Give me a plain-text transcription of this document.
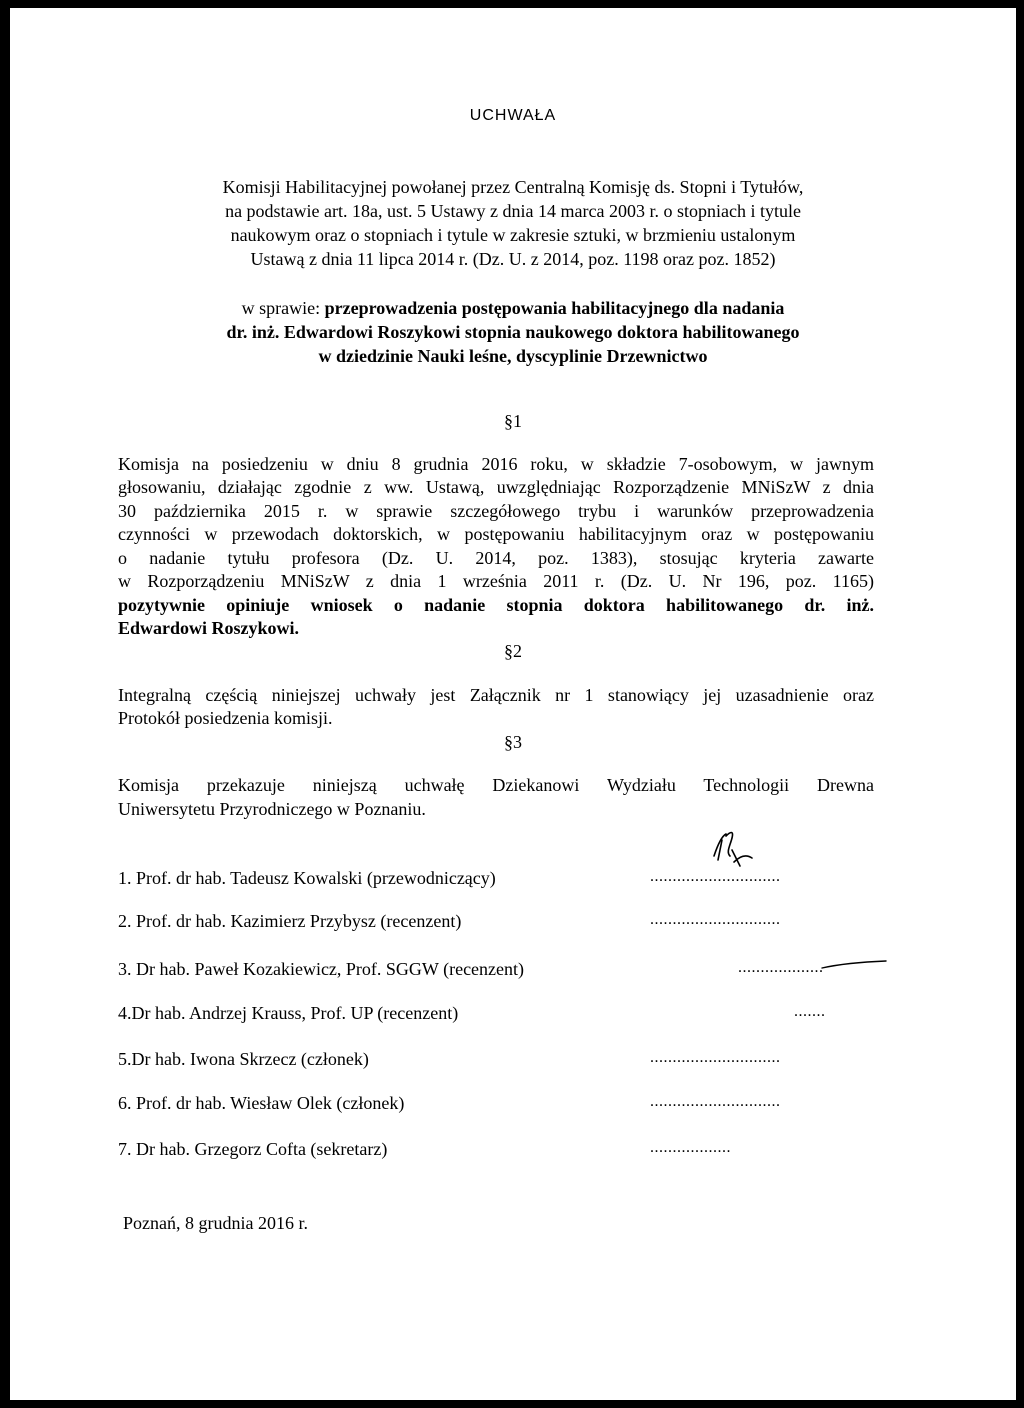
UCHWAŁA
Komisji Habilitacyjnej powołanej przez Centralną Komisję ds. Stopni i Tytułów,
na podstawie art. 18a, ust. 5 Ustawy z dnia 14 marca 2003 r. o stopniach i tytule
naukowym oraz o stopniach i tytule w zakresie sztuki, w brzmieniu ustalonym
Ustawą z dnia 11 lipca 2014 r. (Dz. U. z 2014, poz. 1198 oraz poz. 1852)
w sprawie: przeprowadzenia postępowania habilitacyjnego dla nadania
dr. inż. Edwardowi Roszykowi stopnia naukowego doktora habilitowanego
w dziedzinie Nauki leśne, dyscyplinie Drzewnictwo
§1
Komisja na posiedzeniu w dniu 8 grudnia 2016 roku, w składzie 7-osobowym, w jawnym
głosowaniu, działając zgodnie z ww. Ustawą, uwzględniając Rozporządzenie MNiSzW z dnia
30 października 2015 r. w sprawie szczegółowego trybu i warunków przeprowadzenia
czynności w przewodach doktorskich, w postępowaniu habilitacyjnym oraz w postępowaniu
o nadanie tytułu profesora (Dz. U. 2014, poz. 1383), stosując kryteria zawarte
w Rozporządzeniu MNiSzW z dnia 1 września 2011 r. (Dz. U. Nr 196, poz. 1165)
pozytywnie opiniuje wniosek o nadanie stopnia doktora habilitowanego dr. inż.
Edwardowi Roszykowi.
§2
Integralną częścią niniejszej uchwały jest Załącznik nr 1 stanowiący jej uzasadnienie oraz
Protokół posiedzenia komisji.
§3
Komisja przekazuje niniejszą uchwałę Dziekanowi Wydziału Technologii Drewna
Uniwersytetu Przyrodniczego w Poznaniu.
1. Prof. dr hab. Tadeusz Kowalski (przewodniczący)	.............................
2. Prof. dr hab. Kazimierz Przybysz (recenzent)	.............................
3. Dr hab. Paweł Kozakiewicz, Prof. SGGW (recenzent)	...................
4.Dr hab. Andrzej Krauss, Prof. UP (recenzent)	.......
5.Dr hab. Iwona Skrzecz (członek)	.............................
6. Prof. dr hab. Wiesław Olek (członek)	.............................
7. Dr hab. Grzegorz Cofta (sekretarz)	..................
Poznań, 8 grudnia 2016 r.
